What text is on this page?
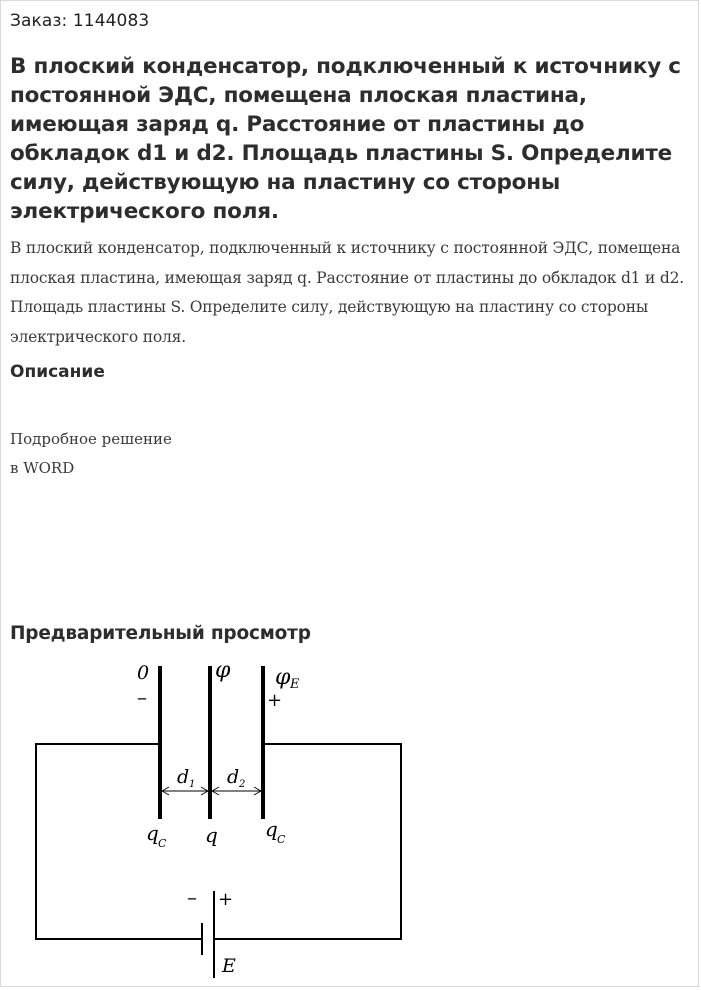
Заказ: 1144083
В плоский конденсатор, подключенный к источнику с постоянной ЭДС, помещена плоская пластина, имеющая заряд q. Расстояние от пластины до обкладок d1 и d2. Площадь пластины S. Определите силу, действующую на пластину со стороны электрического поля.

В плоский конденсатор, подключенный к источнику с постоянной ЭДС, помещена плоская пластина, имеющая заряд q. Расстояние от пластины до обкладок d1 и d2. Площадь пластины S. Определите силу, действующую на пластину со стороны электрического поля.

Описание

Подробное решение
в WORD

Предварительный просмотр
0
–
φ φ E
+
d 1 d 2
q C q q C
– +
E
